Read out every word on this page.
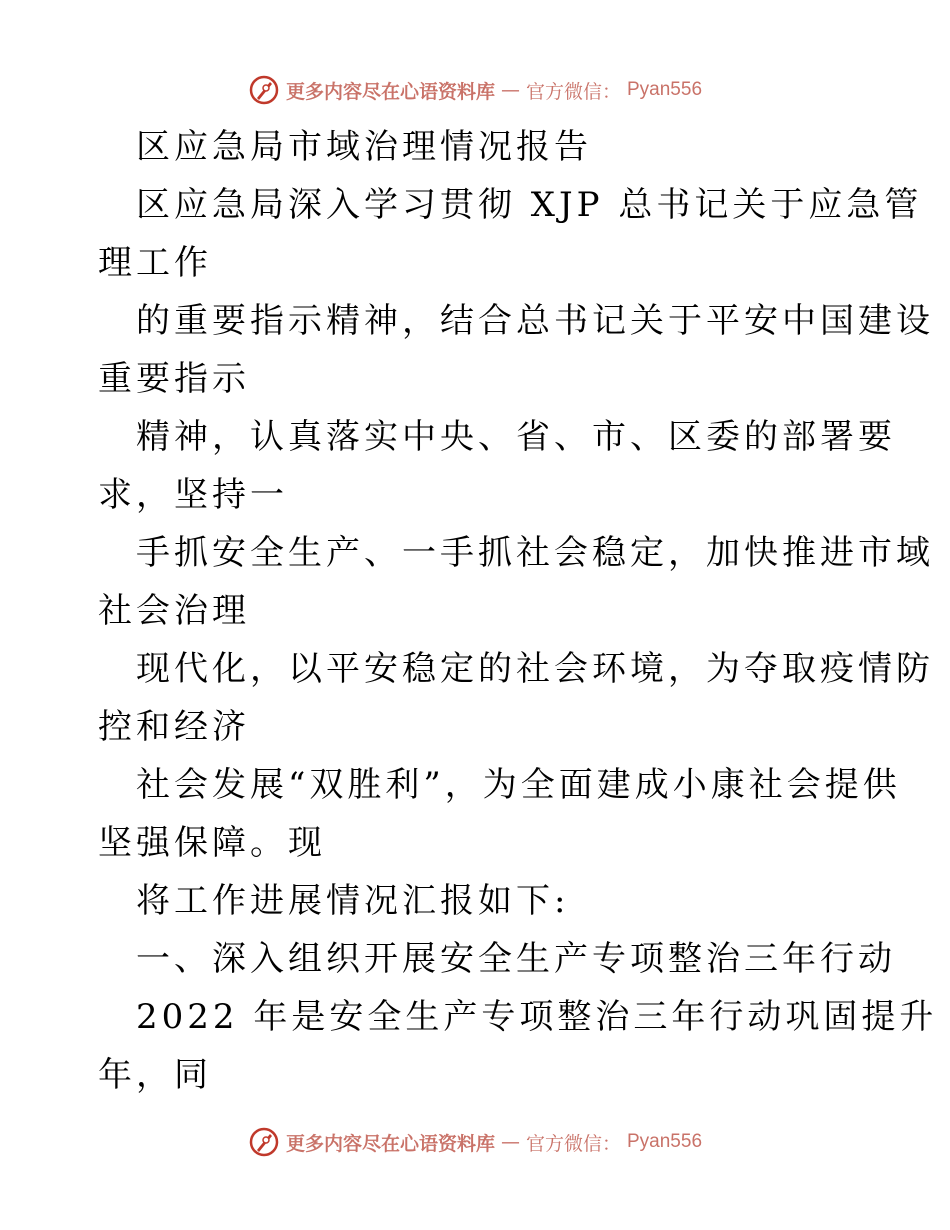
更多内容尽在心语资料库 — 官方微信： Pyan556
区应急局市域治理情况报告
区应急局深入学习贯彻 XJP 总书记关于应急管
理工作
的重要指示精神，结合总书记关于平安中国建设
重要指示
精神，认真落实中央、省、市、区委的部署要
求，坚持一
手抓安全生产、一手抓社会稳定，加快推进市域
社会治理
现代化，以平安稳定的社会环境，为夺取疫情防
控和经济
社会发展“双胜利”，为全面建成小康社会提供
坚强保障。现
将工作进展情况汇报如下:
一、深入组织开展安全生产专项整治三年行动
2022 年是安全生产专项整治三年行动巩固提升
年，同
更多内容尽在心语资料库 — 官方微信： Pyan556
